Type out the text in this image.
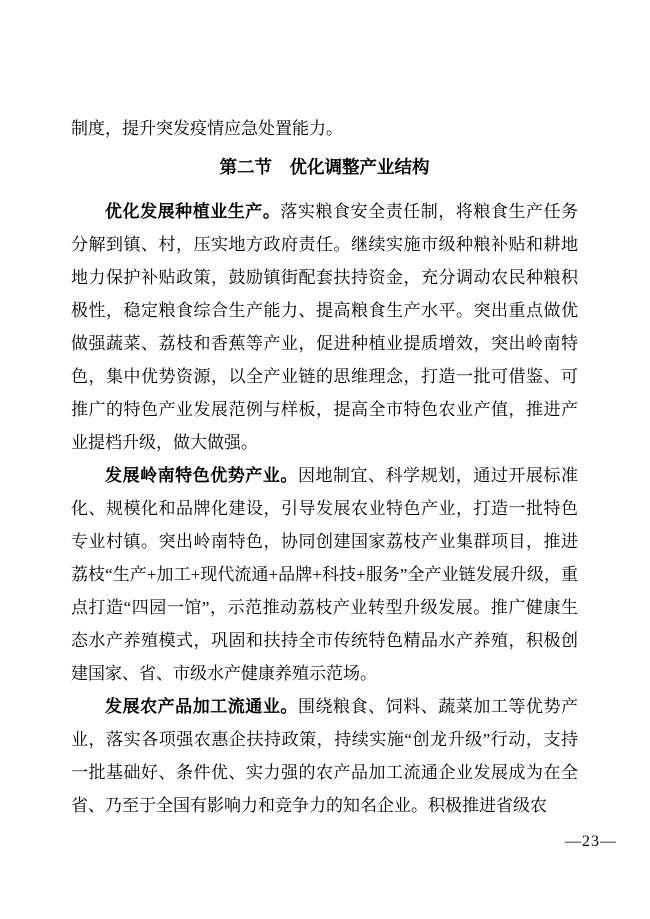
制度，提升突发疫情应急处置能力。

第二节　优化调整产业结构

优化发展种植业生产。落实粮食安全责任制，将粮食生产任务分解到镇、村，压实地方政府责任。继续实施市级种粮补贴和耕地地力保护补贴政策，鼓励镇街配套扶持资金，充分调动农民种粮积极性，稳定粮食综合生产能力、提高粮食生产水平。突出重点做优做强蔬菜、荔枝和香蕉等产业，促进种植业提质增效，突出岭南特色，集中优势资源，以全产业链的思维理念，打造一批可借鉴、可推广的特色产业发展范例与样板，提高全市特色农业产值，推进产业提档升级，做大做强。

发展岭南特色优势产业。因地制宜、科学规划，通过开展标准化、规模化和品牌化建设，引导发展农业特色产业，打造一批特色专业村镇。突出岭南特色，协同创建国家荔枝产业集群项目，推进荔枝“生产+加工+现代流通+品牌+科技+服务”全产业链发展升级，重点打造“四园一馆”，示范推动荔枝产业转型升级发展。推广健康生态水产养殖模式，巩固和扶持全市传统特色精品水产养殖，积极创建国家、省、市级水产健康养殖示范场。

发展农产品加工流通业。围绕粮食、饲料、蔬菜加工等优势产业，落实各项强农惠企扶持政策，持续实施“创龙升级”行动，支持一批基础好、条件优、实力强的农产品加工流通企业发展成为在全省、乃至于全国有影响力和竞争力的知名企业。积极推进省级农

—23—
